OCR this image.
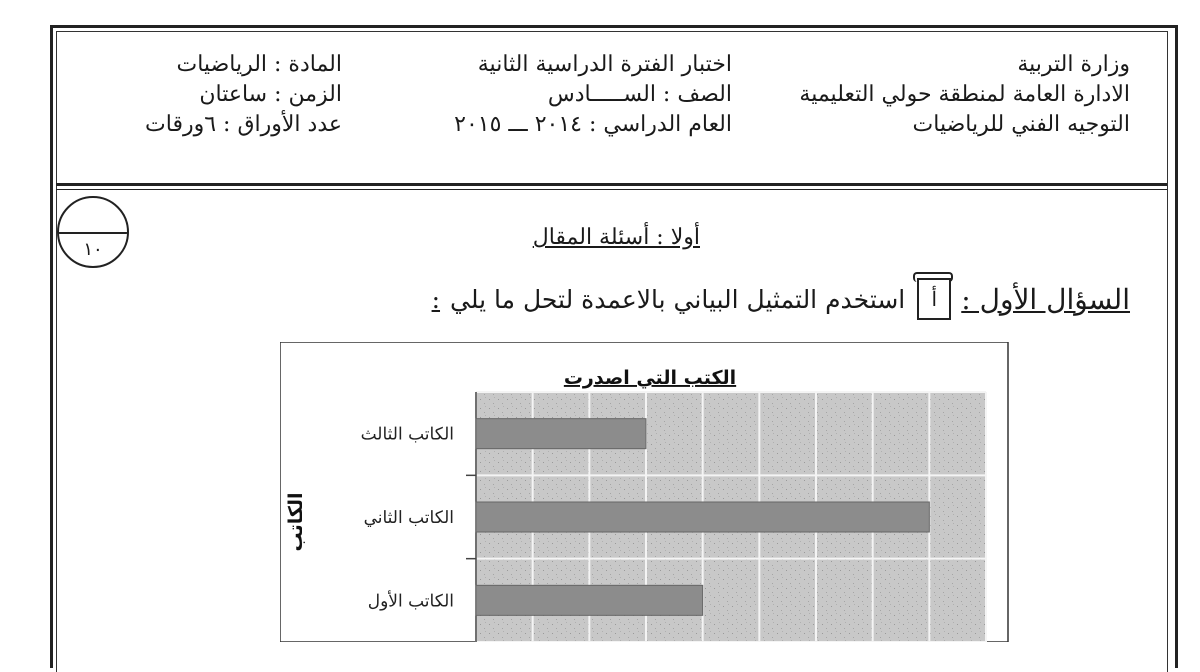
وزارة التربية
الادارة العامة لمنطقة حولي التعليمية
التوجيه الفني للرياضيات
اختبار الفترة الدراسية الثانية
الصف : الســـــادس
العام الدراسي : ٢٠١٤ ـــ ٢٠١٥
المادة : الرياضيات
الزمن : ساعتان
عدد الأوراق : ٦ورقات
١٠	أولا : أسئلة المقال
السؤال الأول :
أ
استخدم التمثيل البياني بالاعمدة لتحل ما يلي
:
الكتب التي اصدرت
الكاتب
الكاتب الثالث
الكاتب الثاني
الكاتب الأول
